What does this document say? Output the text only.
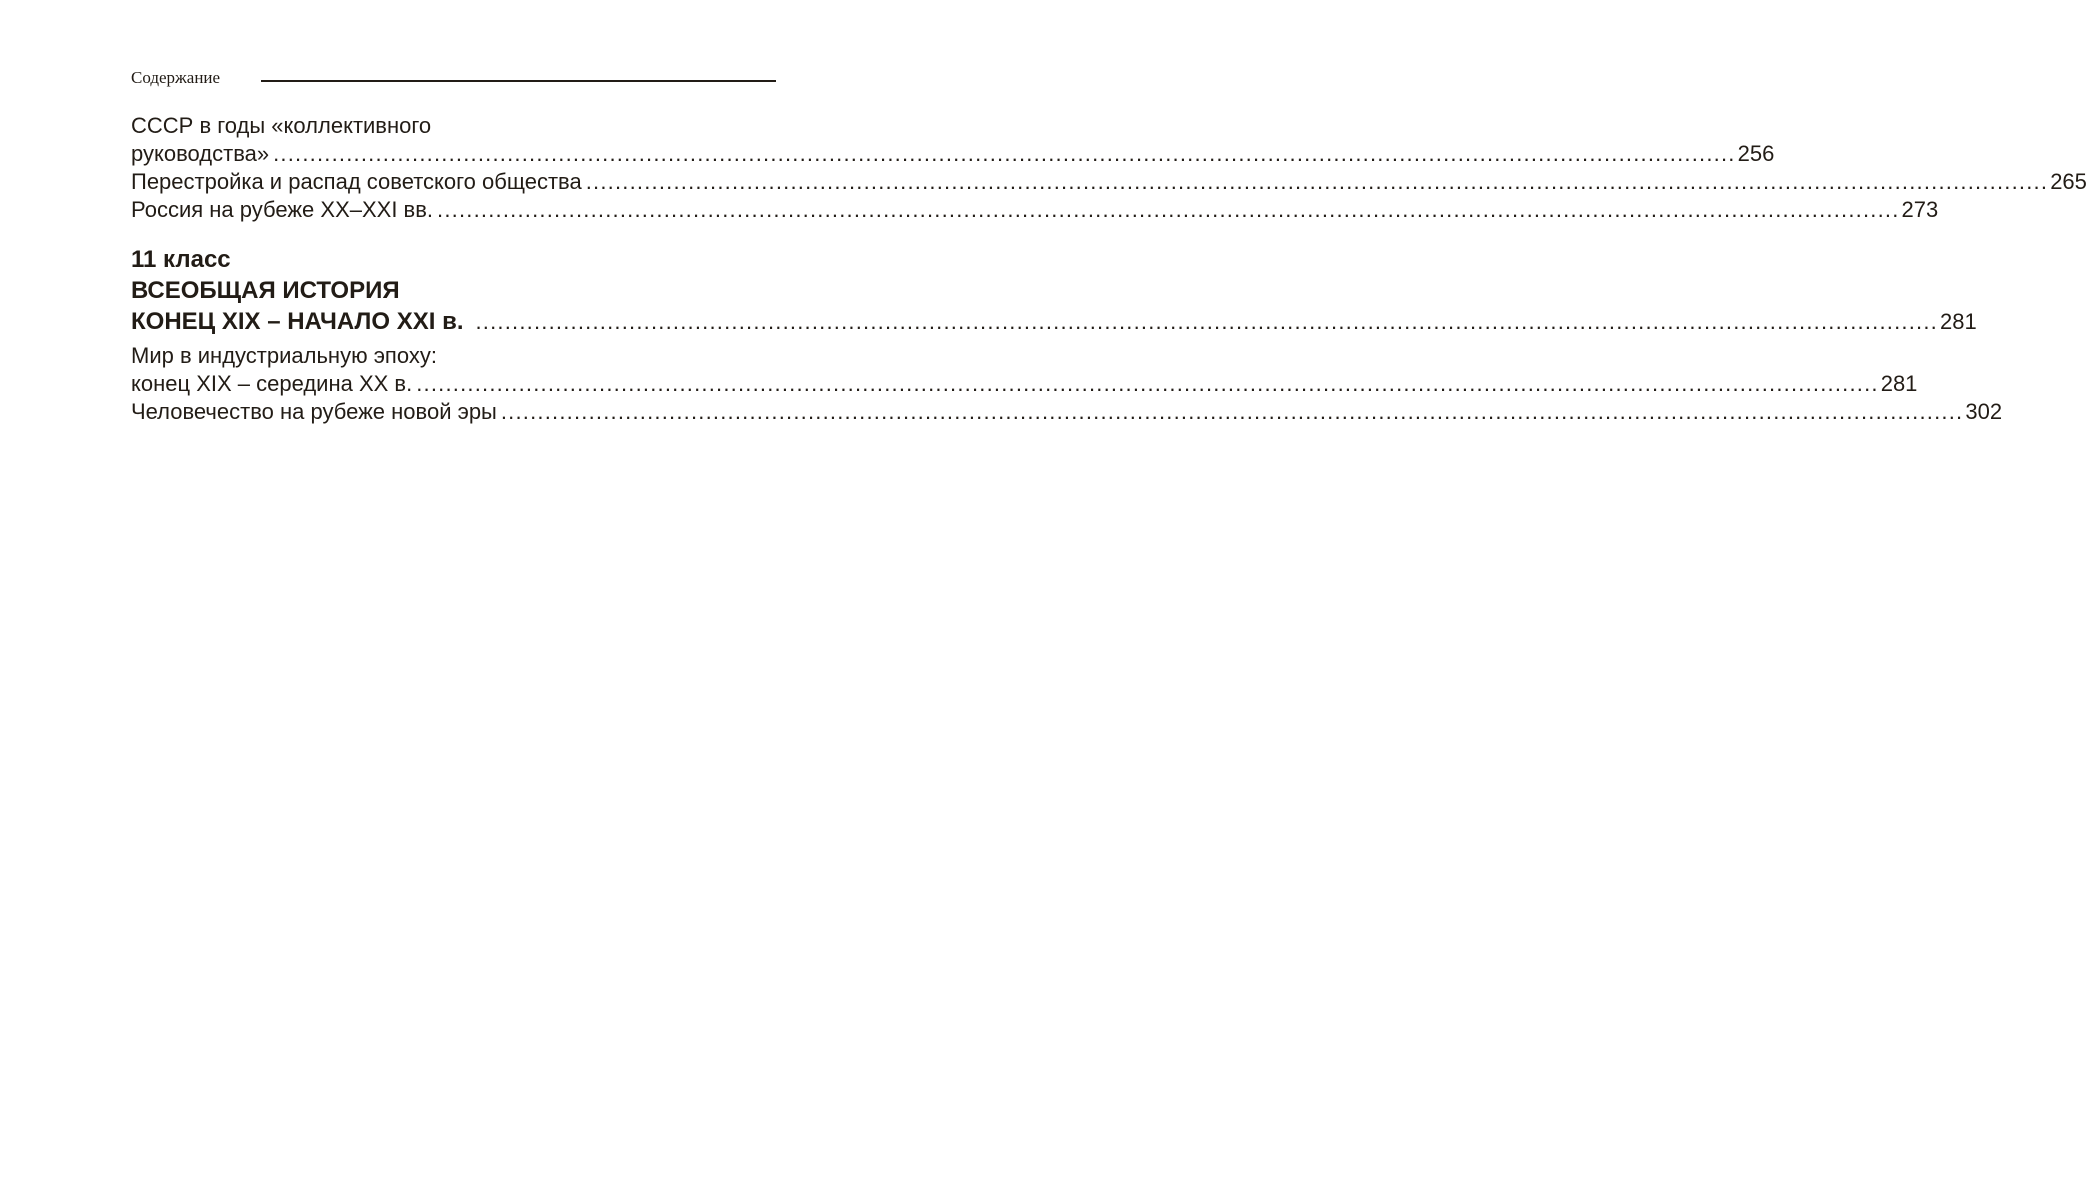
Содержание
СССР в годы «коллективного
руководства» ........................................................................................................................................................................................................ 256
Перестройка и распад советского общества ........................................................................................................................................................................................................ 265
Россия на рубеже XX–XXI вв. ........................................................................................................................................................................................................ 273
11 класс
ВСЕОБЩАЯ ИСТОРИЯ
КОНЕЦ XIX – НАЧАЛО XXI в. ........................................................................................................................................................................................................ 281
Мир в индустриальную эпоху:
конец XIX – середина XX в. ........................................................................................................................................................................................................ 281
Человечество на рубеже новой эры ........................................................................................................................................................................................................ 302
